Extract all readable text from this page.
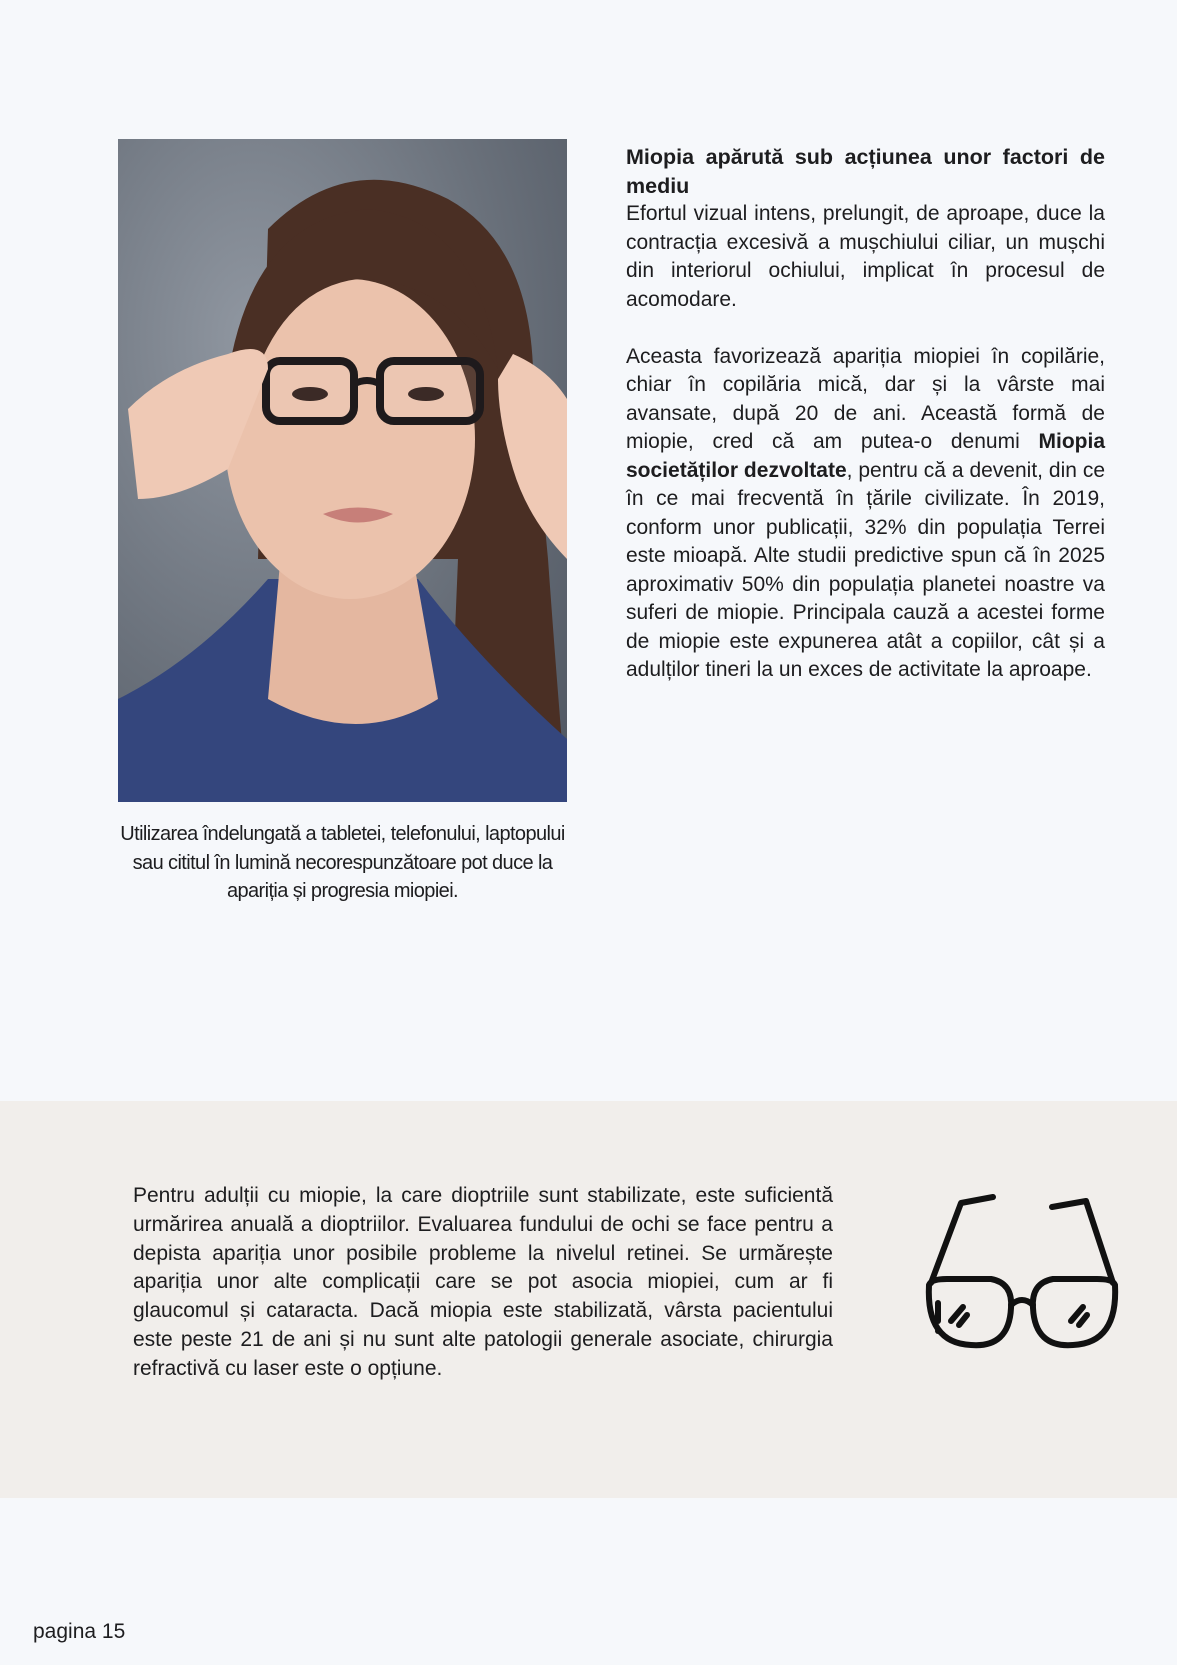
Utilizarea îndelungată a tabletei, telefonului, laptopului sau cititul în lumină necorespunzătoare pot duce la apariția și progresia miopiei.
Miopia apărută sub acțiunea unor factori de mediu

Efortul vizual intens, prelungit, de aproape, duce la contracția excesivă a mușchiului ciliar, un mușchi din interiorul ochiului, implicat în procesul de acomodare.

Aceasta favorizează apariția miopiei în copilărie, chiar în copilăria mică, dar și la vârste mai avansate, după 20 de ani. Această formă de miopie, cred că am putea-o denumi Miopia societăților dezvoltate, pentru că a devenit, din ce în ce mai frecventă în țările civilizate. În 2019, conform unor publicații, 32% din populația Terrei este mioapă. Alte studii predictive spun că în 2025 aproximativ 50% din populația planetei noastre va suferi de miopie. Principala cauză a acestei forme de miopie este expunerea atât a copiilor, cât și a adulților tineri la un exces de activitate la aproape.

Pentru adulții cu miopie, la care dioptriile sunt stabilizate, este suficientă urmărirea anuală a dioptriilor. Evaluarea fundului de ochi se face pentru a depista apariția unor posibile probleme la nivelul retinei. Se urmărește apariția unor alte complicații care se pot asocia miopiei, cum ar fi glaucomul și cataracta. Dacă miopia este stabilizată, vârsta pacientului este peste 21 de ani și nu sunt alte patologii generale asociate, chirurgia refractivă cu laser este o opțiune.
pagina 15
